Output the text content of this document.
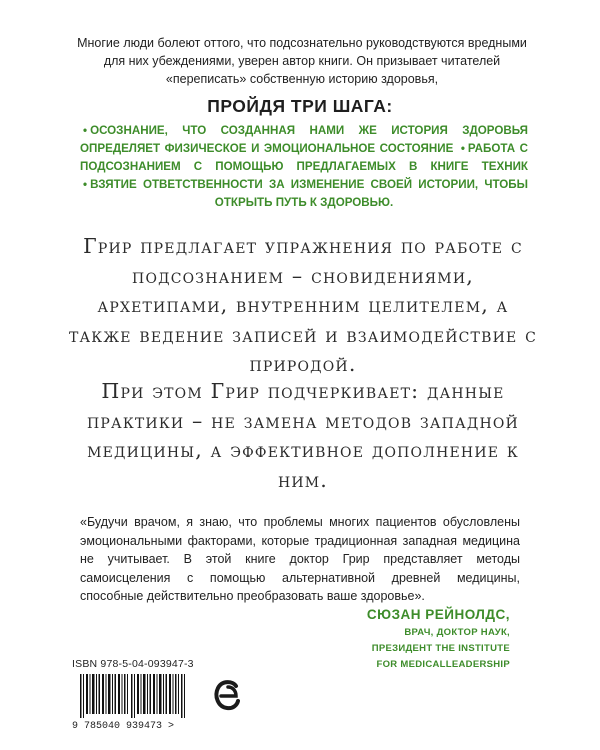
Многие люди болеют оттого, что подсознательно руководствуются вредными для них убеждениями, уверен автор книги. Он призывает читателей «переписать» собственную историю здоровья,
ПРОЙДЯ ТРИ ШАГА:
• ОСОЗНАНИЕ, ЧТО СОЗДАННАЯ НАМИ ЖЕ ИСТОРИЯ ЗДОРОВЬЯ ОПРЕДЕЛЯЕТ ФИЗИЧЕСКОЕ И ЭМОЦИОНАЛЬНОЕ СОСТОЯНИЕ • РАБОТА С ПОДСОЗНАНИЕМ С ПОМОЩЬЮ ПРЕДЛАГАЕМЫХ В КНИГЕ ТЕХНИК • ВЗЯТИЕ ОТВЕТСТВЕННОСТИ ЗА ИЗМЕНЕНИЕ СВОЕЙ ИСТОРИИ, ЧТОБЫ ОТКРЫТЬ ПУТЬ К ЗДОРОВЬЮ.
Грир предлагает упражнения по работе с подсознанием – сновидениями, архетипами, внутренним целителем, а также ведение записей и взаимодействие с природой.
При этом Грир подчеркивает: данные практики – не замена методов западной медицины, а эффективное дополнение к ним.
«Будучи врачом, я знаю, что проблемы многих пациентов обусловлены эмоциональными факторами, которые традиционная западная медицина не учитывает. В этой книге доктор Грир представляет методы самоисцеления с помощью альтернативной древней медицины, способные действительно преобразовать ваше здоровье».
СЮЗАН РЕЙНОЛДС,
ВРАЧ, ДОКТОР НАУК,
ПРЕЗИДЕНТ THE INSTITUTE
FOR MEDICALLEADERSHIP
ISBN 978-5-04-093947-3
9 785040 939473 >
